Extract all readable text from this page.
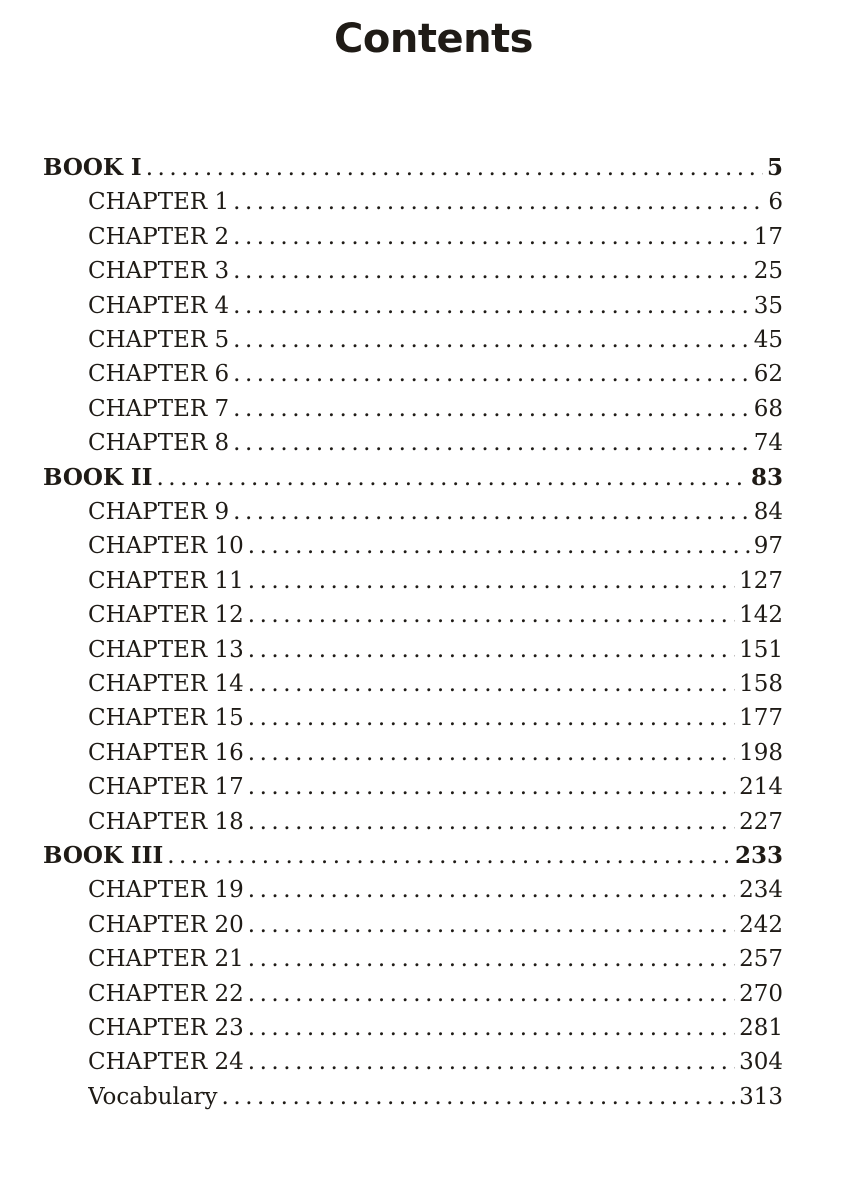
Contents
BOOK I . . .	5
CHAPTER 1 . . .	6
CHAPTER 2 . . .	17
CHAPTER 3 . . .	25
CHAPTER 4 . . .	35
CHAPTER 5 . . .	45
CHAPTER 6 . . .	62
CHAPTER 7 . . .	68
CHAPTER 8 . . .	74
BOOK II . . .	83
CHAPTER 9 . . .	84
CHAPTER 10 . . .	97
CHAPTER 11 . . .	127
CHAPTER 12 . . .	142
CHAPTER 13 . . .	151
CHAPTER 14 . . .	158
CHAPTER 15 . . .	177
CHAPTER 16 . . .	198
CHAPTER 17 . . .	214
CHAPTER 18 . . .	227
BOOK III . . .	233
CHAPTER 19 . . .	234
CHAPTER 20 . . .	242
CHAPTER 21 . . .	257
CHAPTER 22 . . .	270
CHAPTER 23 . . .	281
CHAPTER 24 . . .	304
Vocabulary . . .	313
